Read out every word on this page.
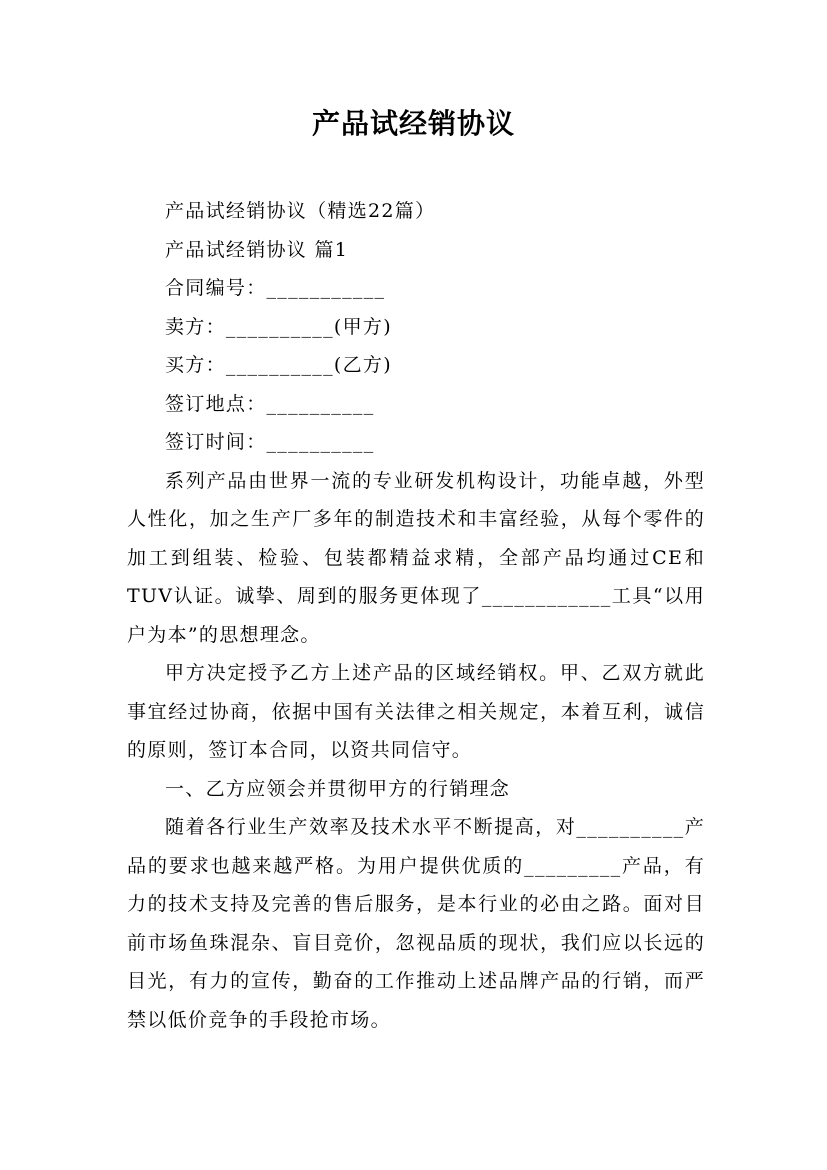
产品试经销协议

产品试经销协议（精选22篇）

产品试经销协议 篇1

合同编号：___________

卖方：__________(甲方)

买方：__________(乙方)

签订地点：__________

签订时间：__________

系列产品由世界一流的专业研发机构设计，功能卓越，外型人性化，加之生产厂多年的制造技术和丰富经验，从每个零件的加工到组装、检验、包装都精益求精，全部产品均通过CE和TUV认证。诚挚、周到的服务更体现了____________工具“以用户为本”的思想理念。

甲方决定授予乙方上述产品的区域经销权。甲、乙双方就此事宜经过协商，依据中国有关法律之相关规定，本着互利，诚信的原则，签订本合同，以资共同信守。

一、乙方应领会并贯彻甲方的行销理念

随着各行业生产效率及技术水平不断提高，对__________产品的要求也越来越严格。为用户提供优质的_________产品，有力的技术支持及完善的售后服务，是本行业的必由之路。面对目前市场鱼珠混杂、盲目竞价，忽视品质的现状，我们应以长远的目光，有力的宣传，勤奋的工作推动上述品牌产品的行销，而严禁以低价竞争的手段抢市场。
